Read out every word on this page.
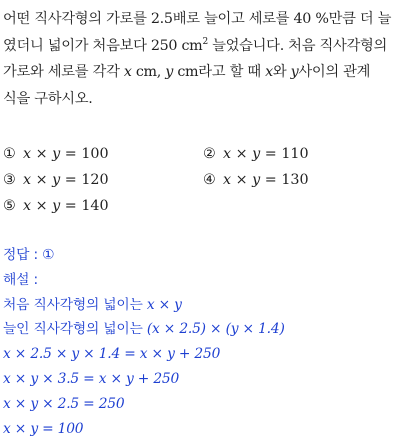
어떤 직사각형의 가로를 2.5배로 늘이고 세로를 40 %만큼 더 늘
였더니 넓이가 처음보다 250 $cm^2$ 늘었습니다. 처음 직사각형의
가로와 세로를 각각 x cm, y cm라고 할 때 x와 y사이의 관계
식을 구하시오.
① x × y = 100	② x × y = 110
③ x × y = 120	④ x × y = 130
⑤ x × y = 140
정답 : ①
해설 :
처음 직사각형의 넓이는 x × y
늘인 직사각형의 넓이는 (x × 2.5) × (y × 1.4)
x × 2.5 × y × 1.4 = x × y + 250
x × y × 3.5 = x × y + 250
x × y × 2.5 = 250
x × y = 100
